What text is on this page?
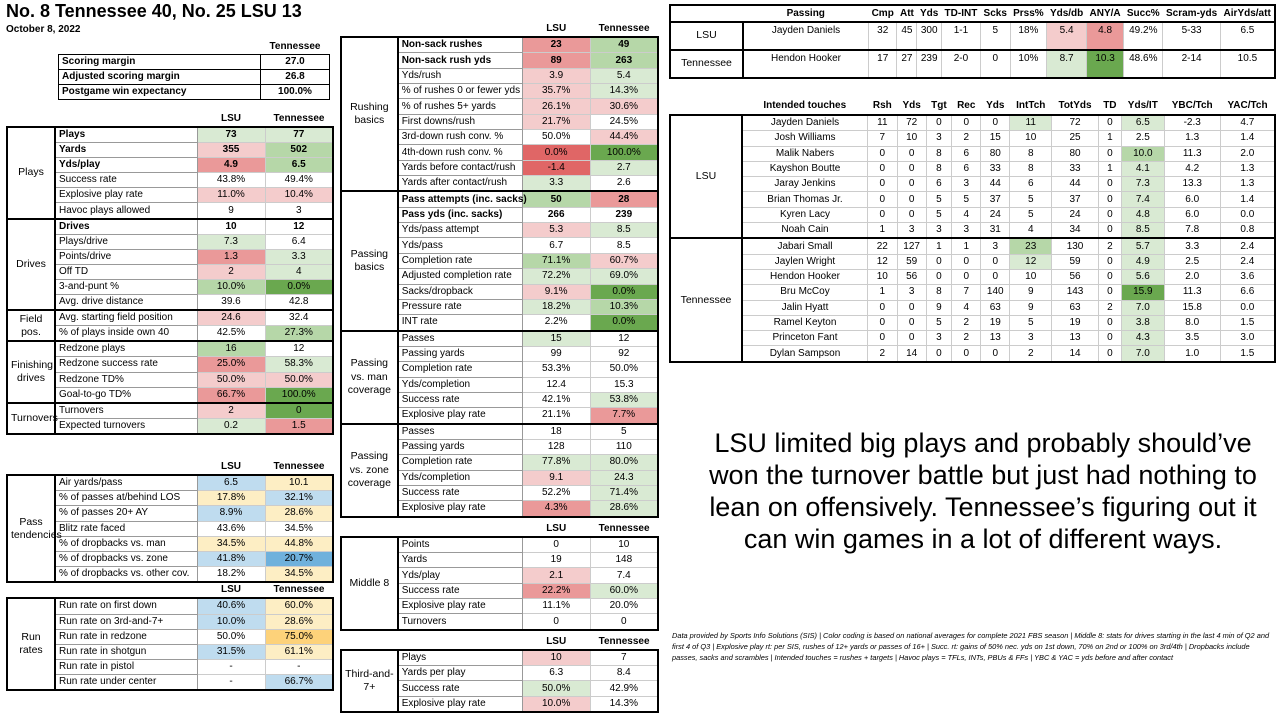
No. 8 Tennessee 40, No. 25 LSU 13
October 8, 2022
	Tennessee
Scoring margin	27.0
Adjusted scoring margin	26.8
Postgame win expectancy	100.0%
		LSU	Tennessee
Plays	Plays	73	77
	Yards	355	502
	Yds/play	4.9	6.5
	Success rate	43.8%	49.4%
	Explosive play rate	11.0%	10.4%
	Havoc plays allowed	9	3
Drives	Drives	10	12
	Plays/drive	7.3	6.4
	Points/drive	1.3	3.3
	Off TD	2	4
	3-and-punt %	10.0%	0.0%
	Avg. drive distance	39.6	42.8
Field pos.	Avg. starting field position	24.6	32.4
	% of plays inside own 40	42.5%	27.3%
Finishing drives	Redzone plays	16	12
	Redzone success rate	25.0%	58.3%
	Redzone TD%	50.0%	50.0%
	Goal-to-go TD%	66.7%	100.0%
Turnovers	Turnovers	2	0
	Expected turnovers	0.2	1.5
		LSU	Tennessee
Pass tendencies	Air yards/pass	6.5	10.1
	% of passes at/behind LOS	17.8%	32.1%
	% of passes 20+ AY	8.9%	28.6%
	Blitz rate faced	43.6%	34.5%
	% of dropbacks vs. man	34.5%	44.8%
	% of dropbacks vs. zone	41.8%	20.7%
	% of dropbacks vs. other cov.	18.2%	34.5%
		LSU	Tennessee
Run rates	Run rate on first down	40.6%	60.0%
	Run rate on 3rd-and-7+	10.0%	28.6%
	Run rate in redzone	50.0%	75.0%
	Run rate in shotgun	31.5%	61.1%
	Run rate in pistol	-	-
	Run rate under center	-	66.7%
		LSU	Tennessee
Rushing basics	Non-sack rushes	23	49
	Non-sack rush yds	89	263
	Yds/rush	3.9	5.4
	% of rushes 0 or fewer yds	35.7%	14.3%
	% of rushes 5+ yards	26.1%	30.6%
	First downs/rush	21.7%	24.5%
	3rd-down rush conv. %	50.0%	44.4%
	4th-down rush conv. %	0.0%	100.0%
	Yards before contact/rush	-1.4	2.7
	Yards after contact/rush	3.3	2.6
Passing basics	Pass attempts (inc. sacks)	50	28
	Pass yds (inc. sacks)	266	239
	Yds/pass attempt	5.3	8.5
	Yds/pass	6.7	8.5
	Completion rate	71.1%	60.7%
	Adjusted completion rate	72.2%	69.0%
	Sacks/dropback	9.1%	0.0%
	Pressure rate	18.2%	10.3%
	INT rate	2.2%	0.0%
Passing vs. man coverage	Passes	15	12
	Passing yards	99	92
	Completion rate	53.3%	50.0%
	Yds/completion	12.4	15.3
	Success rate	42.1%	53.8%
	Explosive play rate	21.1%	7.7%
Passing vs. zone coverage	Passes	18	5
	Passing yards	128	110
	Completion rate	77.8%	80.0%
	Yds/completion	9.1	24.3
	Success rate	52.2%	71.4%
	Explosive play rate	4.3%	28.6%
		LSU	Tennessee
Middle 8	Points	0	10
	Yards	19	148
	Yds/play	2.1	7.4
	Success rate	22.2%	60.0%
	Explosive play rate	11.1%	20.0%
	Turnovers	0	0
		LSU	Tennessee
Third-and-7+	Plays	10	7
	Yards per play	6.3	8.4
	Success rate	50.0%	42.9%
	Explosive play rate	10.0%	14.3%
	Passing	Cmp	Att	Yds	TD-INT	Scks	Prss%	Yds/db	ANY/A	Succ%	Scram-yds	AirYds/att
LSU	Jayden Daniels	32	45	300	1-1	5	18%	5.4	4.8	49.2%	5-33	6.5
Tennessee	Hendon Hooker	17	27	239	2-0	0	10%	8.7	10.3	48.6%	2-14	10.5
	Intended touches	Rsh	Yds	Tgt	Rec	Yds	IntTch	TotYds	TD	Yds/IT	YBC/Tch	YAC/Tch
LSU	Jayden Daniels	11	72	0	0	0	11	72	0	6.5	-2.3	4.7
	Josh Williams	7	10	3	2	15	10	25	1	2.5	1.3	1.4
	Malik Nabers	0	0	8	6	80	8	80	0	10.0	11.3	2.0
	Kayshon Boutte	0	0	8	6	33	8	33	1	4.1	4.2	1.3
	Jaray Jenkins	0	0	6	3	44	6	44	0	7.3	13.3	1.3
	Brian Thomas Jr.	0	0	5	5	37	5	37	0	7.4	6.0	1.4
	Kyren Lacy	0	0	5	4	24	5	24	0	4.8	6.0	0.0
	Noah Cain	1	3	3	3	31	4	34	0	8.5	7.8	0.8
Tennessee	Jabari Small	22	127	1	1	3	23	130	2	5.7	3.3	2.4
	Jaylen Wright	12	59	0	0	0	12	59	0	4.9	2.5	2.4
	Hendon Hooker	10	56	0	0	0	10	56	0	5.6	2.0	3.6
	Bru McCoy	1	3	8	7	140	9	143	0	15.9	11.3	6.6
	Jalin Hyatt	0	0	9	4	63	9	63	2	7.0	15.8	0.0
	Ramel Keyton	0	0	5	2	19	5	19	0	3.8	8.0	1.5
	Princeton Fant	0	0	3	2	13	3	13	0	4.3	3.5	3.0
	Dylan Sampson	2	14	0	0	0	2	14	0	7.0	1.0	1.5
LSU limited big plays and probably should’ve won the turnover battle but just had nothing to lean on offensively. Tennessee’s figuring out it can win games in a lot of different ways.
Data provided by Sports Info Solutions (SIS) | Color coding is based on national averages for complete 2021 FBS season | Middle 8: stats for drives starting in the last 4 min of Q2 and first 4 of Q3 | Explosive play rt: per SIS, rushes of 12+ yards or passes of 16+ | Succ. rt: gains of 50% nec. yds on 1st down, 70% on 2nd or 100% on 3rd/4th | Dropbacks include passes, sacks and scrambles | Intended touches = rushes + targets | Havoc plays = TFLs, INTs, PBUs & FFs | YBC & YAC = yds before and after contact
